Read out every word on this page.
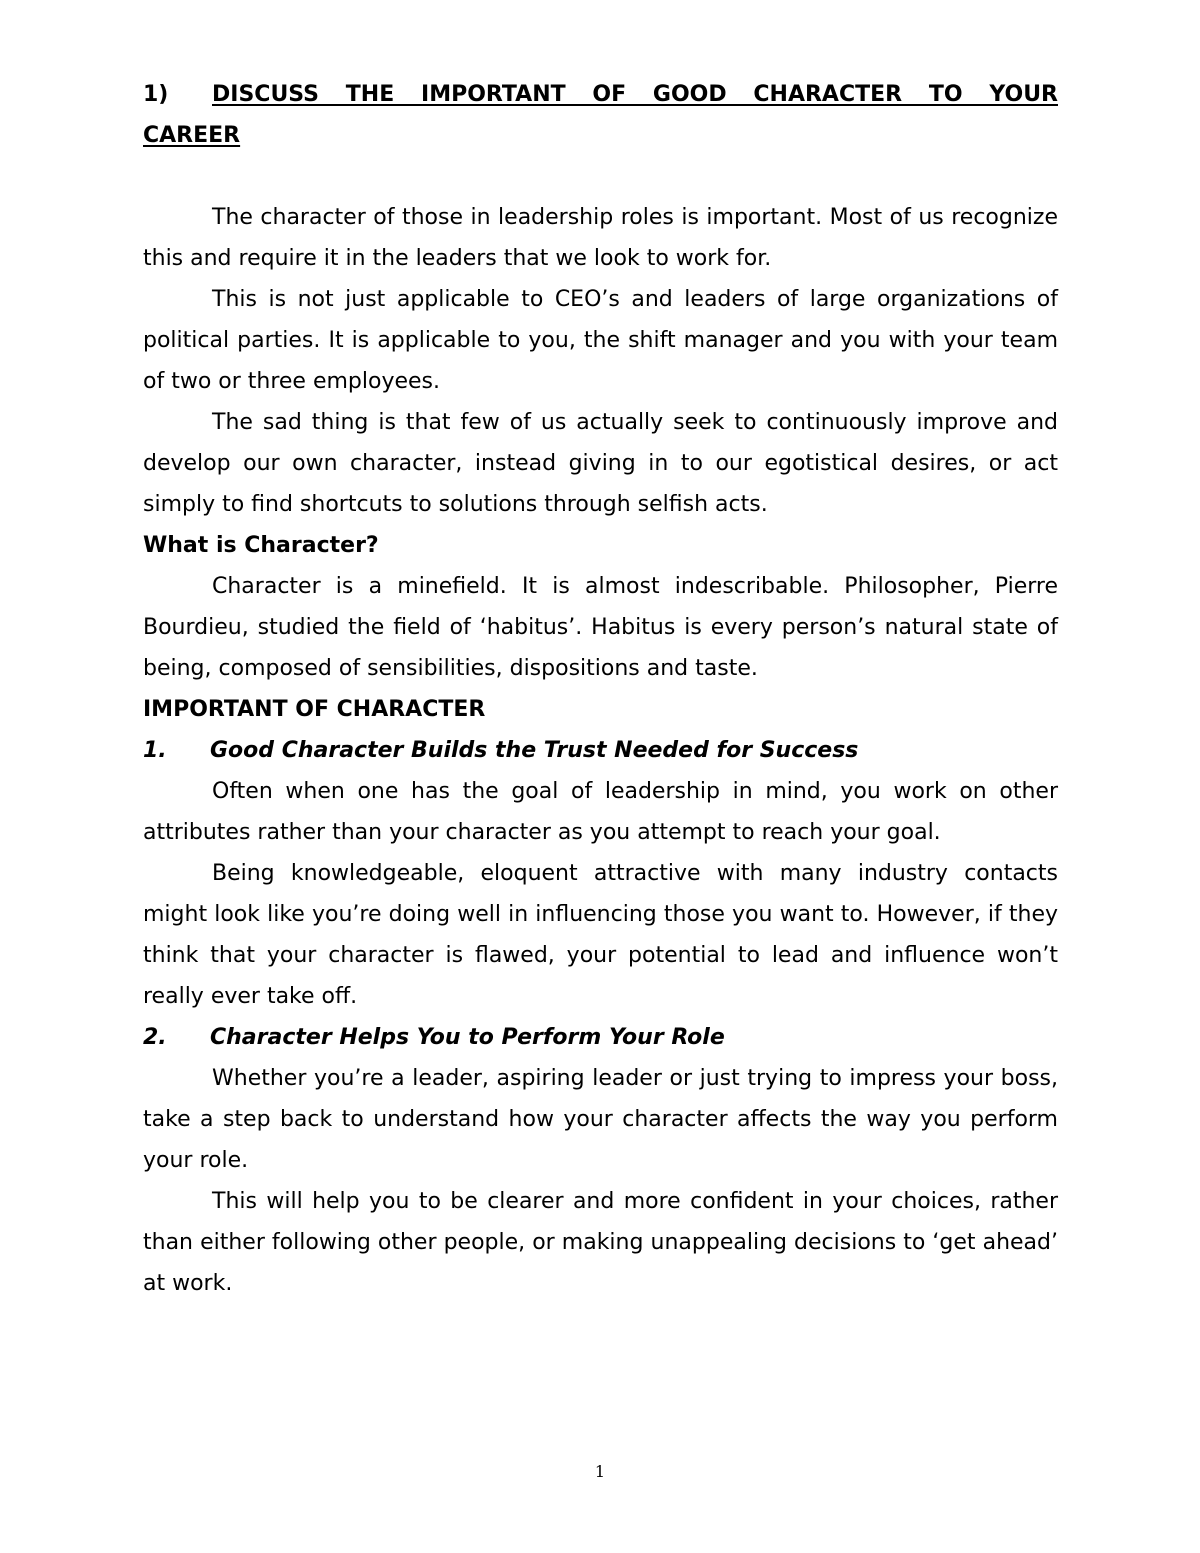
1) DISCUSS THE IMPORTANT OF GOOD CHARACTER TO YOUR CAREER

The character of those in leadership roles is important. Most of us recognize this and require it in the leaders that we look to work for.

This is not just applicable to CEO’s and leaders of large organizations of political parties. It is applicable to you, the shift manager and you with your team of two or three employees.

The sad thing is that few of us actually seek to continuously improve and develop our own character, instead giving in to our egotistical desires, or act simply to find shortcuts to solutions through selfish acts.

What is Character?

Character is a minefield. It is almost indescribable. Philosopher, Pierre Bourdieu, studied the field of ‘habitus’. Habitus is every person’s natural state of being, composed of sensibilities, dispositions and taste.

IMPORTANT OF CHARACTER
1. Good Character Builds the Trust Needed for Success

Often when one has the goal of leadership in mind, you work on other attributes rather than your character as you attempt to reach your goal.

Being knowledgeable, eloquent attractive with many industry contacts might look like you’re doing well in influencing those you want to. However, if they think that your character is flawed, your potential to lead and influence won’t really ever take off.

2. Character Helps You to Perform Your Role

Whether you’re a leader, aspiring leader or just trying to impress your boss, take a step back to understand how your character affects the way you perform your role.

This will help you to be clearer and more confident in your choices, rather than either following other people, or making unappealing decisions to ‘get ahead’ at work.

1
